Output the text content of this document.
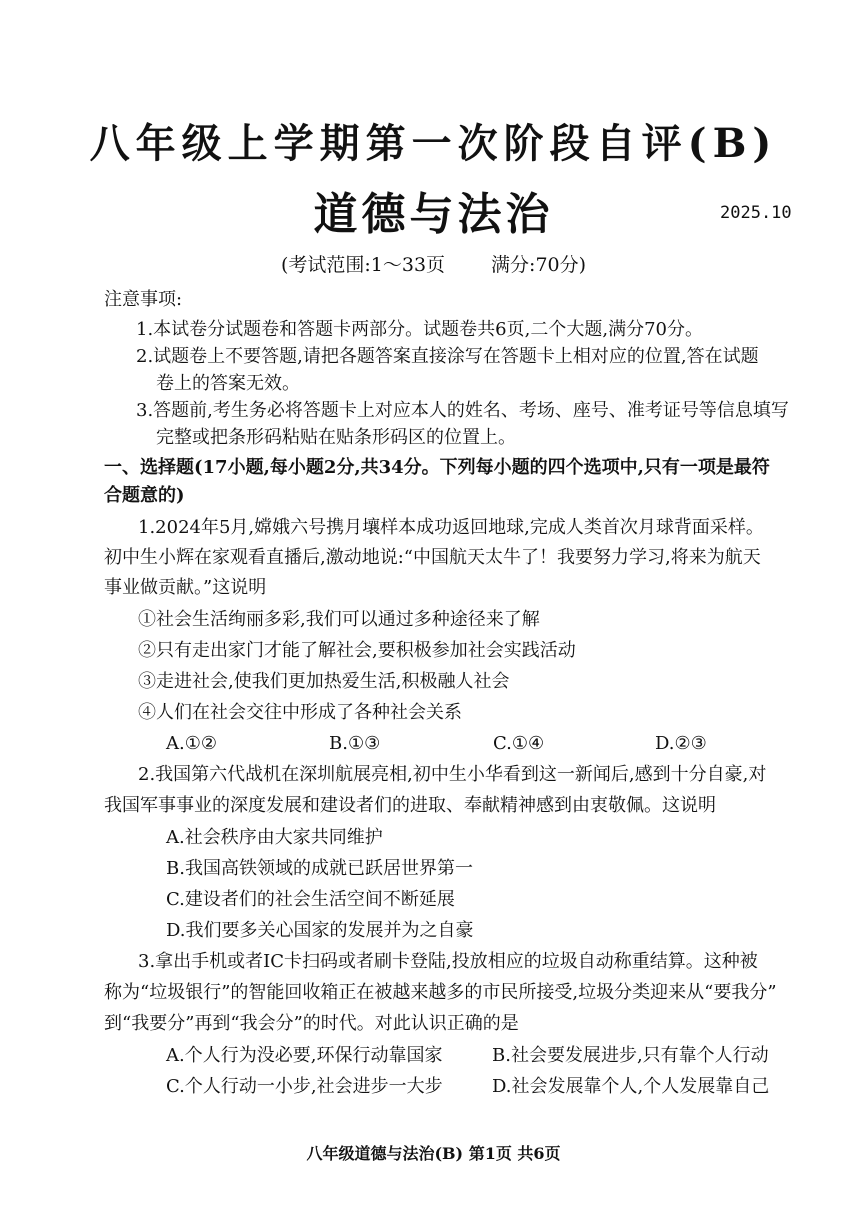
八年级上学期第一次阶段自评(B)
道德与法治	2025.10
(考试范围:1～33页 满分:70分)
注意事项:
1.本试卷分试题卷和答题卡两部分。试题卷共6页,二个大题,满分70分。
2.试题卷上不要答题,请把各题答案直接涂写在答题卡上相对应的位置,答在试题
卷上的答案无效。
3.答题前,考生务必将答题卡上对应本人的姓名、考场、座号、准考证号等信息填写
完整或把条形码粘贴在贴条形码区的位置上。
一、选择题(17小题,每小题2分,共34分。下列每小题的四个选项中,只有一项是最符
合题意的)
1.2024年5月,嫦娥六号携月壤样本成功返回地球,完成人类首次月球背面采样。
初中生小辉在家观看直播后,激动地说:“中国航天太牛了！我要努力学习,将来为航天
事业做贡献。”这说明
①社会生活绚丽多彩,我们可以通过多种途径来了解
②只有走出家门才能了解社会,要积极参加社会实践活动
③走进社会,使我们更加热爱生活,积极融人社会
④人们在社会交往中形成了各种社会关系
A.①②	B.①③	C.①④	D.②③
2.我国第六代战机在深圳航展亮相,初中生小华看到这一新闻后,感到十分自豪,对
我国军事事业的深度发展和建设者们的进取、奉献精神感到由衷敬佩。这说明
A.社会秩序由大家共同维护
B.我国高铁领域的成就已跃居世界第一
C.建设者们的社会生活空间不断延展
D.我们要多关心国家的发展并为之自豪
3.拿出手机或者IC卡扫码或者刷卡登陆,投放相应的垃圾自动称重结算。这种被
称为“垃圾银行”的智能回收箱正在被越来越多的市民所接受,垃圾分类迎来从“要我分”
到“我要分”再到“我会分”的时代。对此认识正确的是
A.个人行为没必要,环保行动靠国家	B.社会要发展进步,只有靠个人行动
C.个人行动一小步,社会进步一大步	D.社会发展靠个人,个人发展靠自己
八年级道德与法治(B) 第1页 共6页
